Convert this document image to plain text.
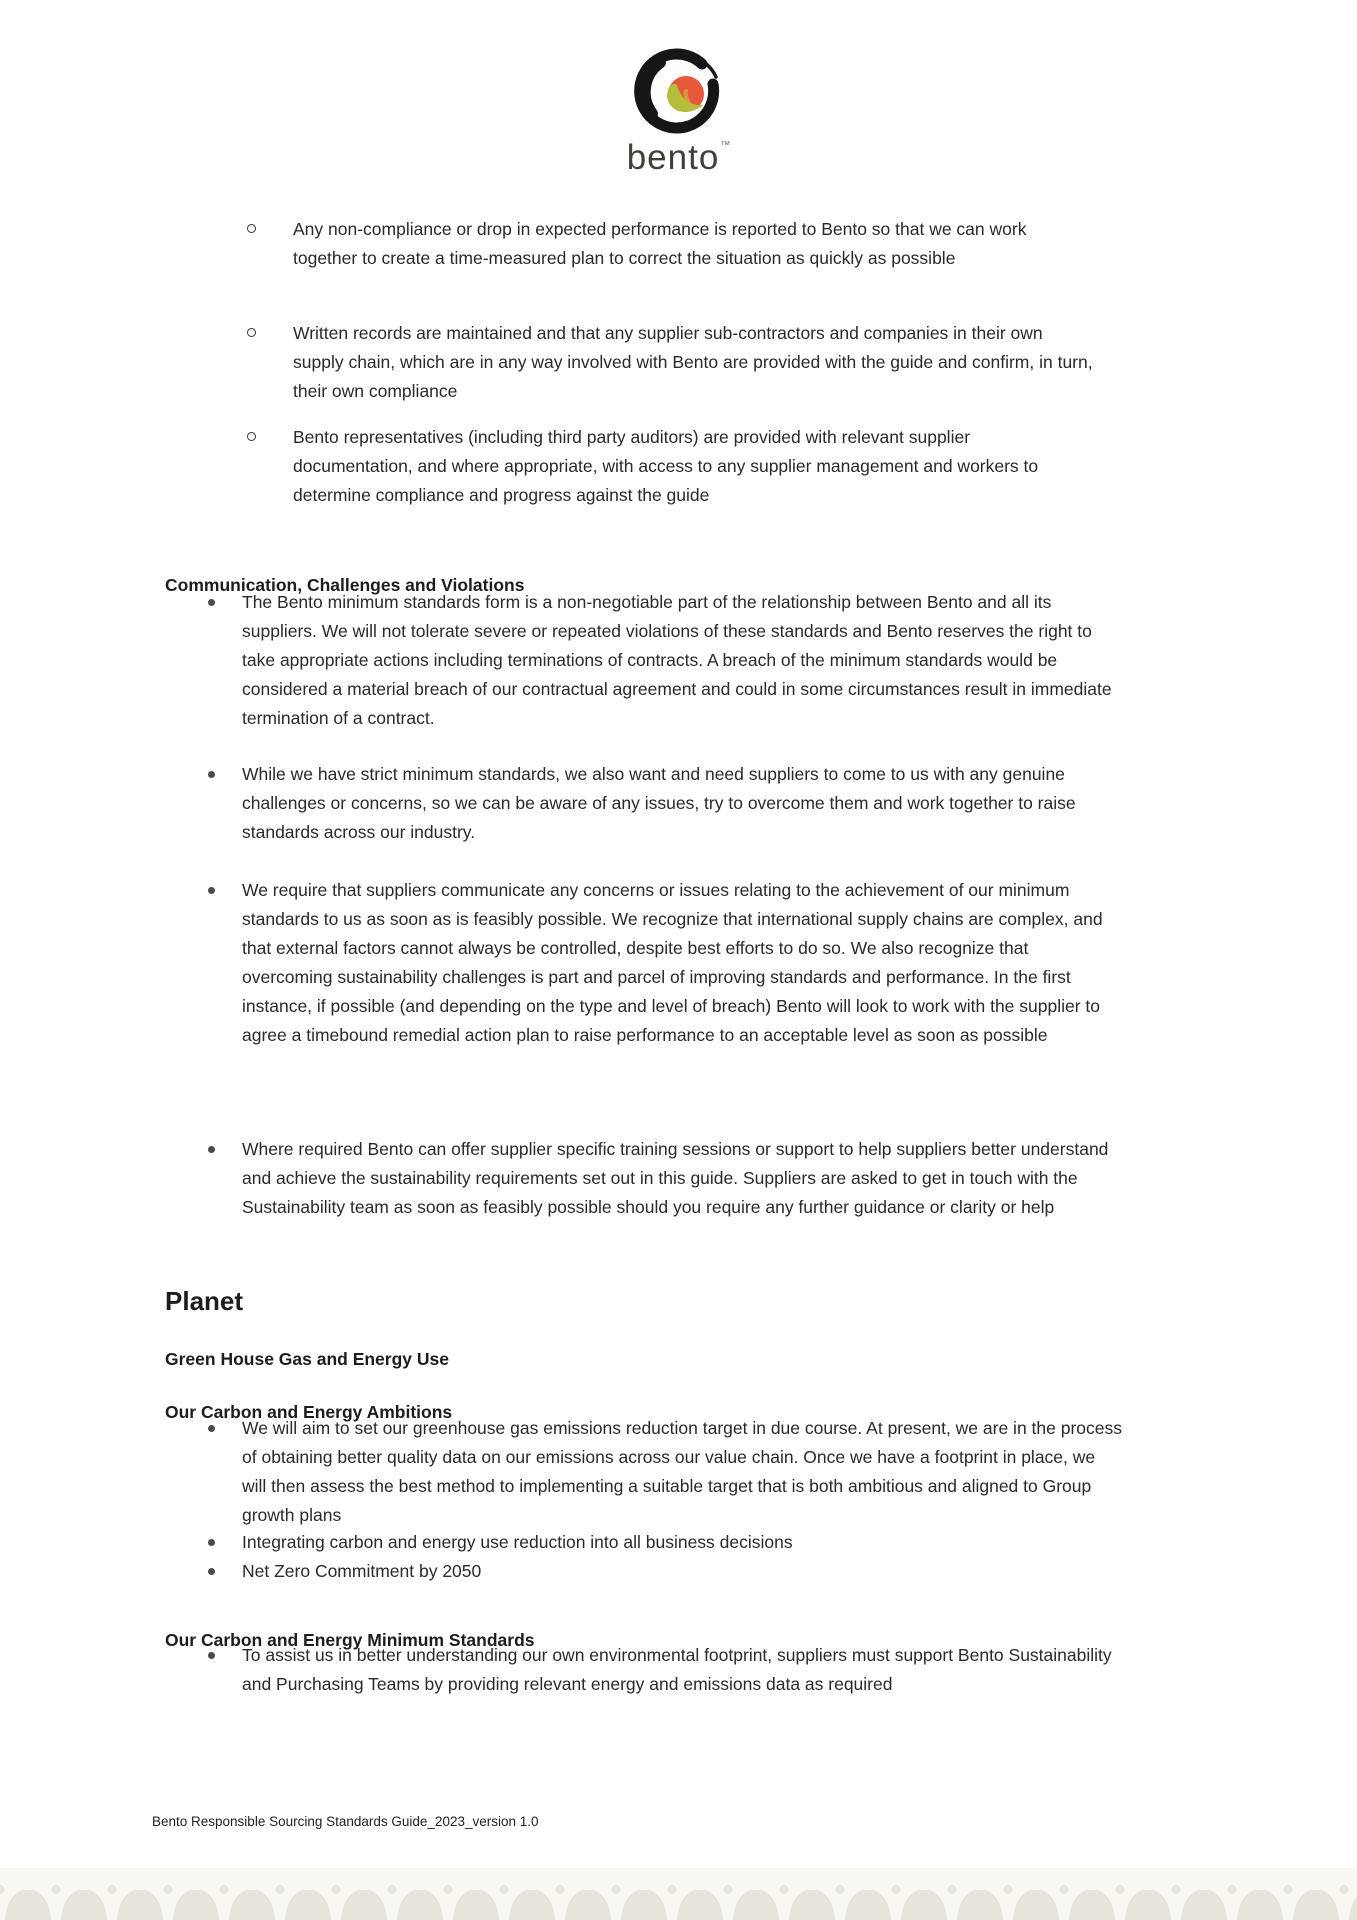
bento™

Any non-compliance or drop in expected performance is reported to Bento so that we can work together to create a time-measured plan to correct the situation as quickly as possible

Written records are maintained and that any supplier sub-contractors and companies in their own supply chain, which are in any way involved with Bento are provided with the guide and confirm, in turn, their own compliance

Bento representatives (including third party auditors) are provided with relevant supplier documentation, and where appropriate, with access to any supplier management and workers to determine compliance and progress against the guide

Communication, Challenges and Violations

The Bento minimum standards form is a non-negotiable part of the relationship between Bento and all its suppliers. We will not tolerate severe or repeated violations of these standards and Bento reserves the right to take appropriate actions including terminations of contracts. A breach of the minimum standards would be considered a material breach of our contractual agreement and could in some circumstances result in immediate termination of a contract.

While we have strict minimum standards, we also want and need suppliers to come to us with any genuine challenges or concerns, so we can be aware of any issues, try to overcome them and work together to raise standards across our industry.

We require that suppliers communicate any concerns or issues relating to the achievement of our minimum standards to us as soon as is feasibly possible. We recognize that international supply chains are complex, and that external factors cannot always be controlled, despite best efforts to do so. We also recognize that overcoming sustainability challenges is part and parcel of improving standards and performance. In the first instance, if possible (and depending on the type and level of breach) Bento will look to work with the supplier to agree a timebound remedial action plan to raise performance to an acceptable level as soon as possible

Where required Bento can offer supplier specific training sessions or support to help suppliers better understand and achieve the sustainability requirements set out in this guide. Suppliers are asked to get in touch with the Sustainability team as soon as feasibly possible should you require any further guidance or clarity or help

Planet
Green House Gas and Energy Use
Our Carbon and Energy Ambitions

We will aim to set our greenhouse gas emissions reduction target in due course. At present, we are in the process of obtaining better quality data on our emissions across our value chain. Once we have a footprint in place, we will then assess the best method to implementing a suitable target that is both ambitious and aligned to Group growth plans

Integrating carbon and energy use reduction into all business decisions

Net Zero Commitment by 2050

Our Carbon and Energy Minimum Standards

To assist us in better understanding our own environmental footprint, suppliers must support Bento Sustainability and Purchasing Teams by providing relevant energy and emissions data as required

Bento Responsible Sourcing Standards Guide_2023_version 1.0
